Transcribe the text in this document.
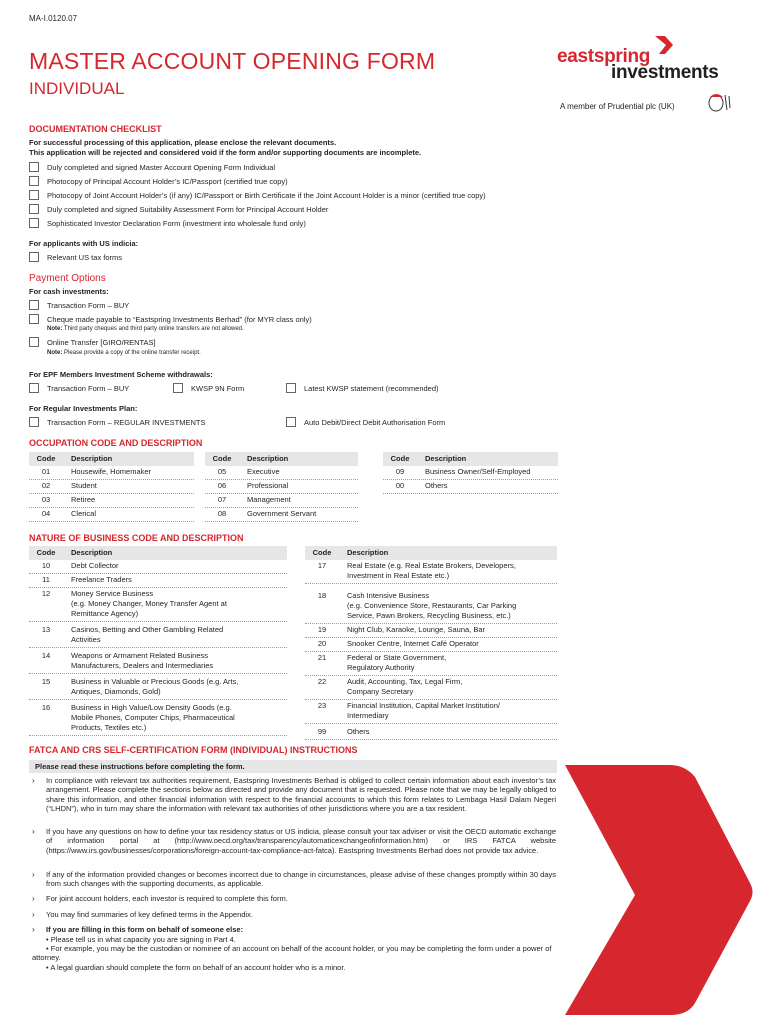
MA-I.0120.07
MASTER ACCOUNT OPENING FORM
INDIVIDUAL
eastspring
investments
A member of Prudential plc (UK)
DOCUMENTATION CHECKLIST
For successful processing of this application, please enclose the relevant documents.
This application will be rejected and considered void if the form and/or supporting documents are incomplete.
Duly completed and signed Master Account Opening Form Individual
Photocopy of Principal Account Holder’s IC/Passport (certified true copy)
Photocopy of Joint Account Holder’s (if any) IC/Passport or Birth Certificate if the Joint Account Holder is a minor (certified true copy)
Duly completed and signed Suitability Assessment Form for Principal Account Holder
Sophisticated Investor Declaration Form (investment into wholesale fund only)
For applicants with US indicia:
Relevant US tax forms
Payment Options
For cash investments:
Transaction Form – BUY
Cheque made payable to “Eastspring Investments Berhad” (for MYR class only)
Note: Third party cheques and third party online transfers are not allowed.
Online Transfer [GIRO/RENTAS]
Note: Please provide a copy of the online transfer receipt.
For EPF Members Investment Scheme withdrawals:
Transaction Form – BUY	KWSP 9N Form	Latest KWSP statement (recommended)
For Regular Investments Plan:
Transaction Form – REGULAR INVESTMENTS	Auto Debit/Direct Debit Authorisation Form
OCCUPATION CODE AND DESCRIPTION
Code	Description
01	Housewife, Homemaker
02	Student
03	Retiree
04	Clerical
Code	Description
05	Executive
06	Professional
07	Management
08	Government Servant
Code	Description
09	Business Owner/Self-Employed
00	Others
NATURE OF BUSINESS CODE AND DESCRIPTION
Code	Description
10	Debt Collector
11	Freelance Traders
12	Money Service Business
(e.g. Money Changer, Money Transfer Agent at
Remittance Agency)
13	Casinos, Betting and Other Gambling Related
Activities
14	Weapons or Armament Related Business
Manufacturers, Dealers and Intermediaries
15	Business in Valuable or Precious Goods (e.g. Arts,
Antiques, Diamonds, Gold)
16	Business in High Value/Low Density Goods (e.g.
Mobile Phones, Computer Chips, Pharmaceutical
Products, Textiles etc.)
Code	Description
17	Real Estate (e.g. Real Estate Brokers, Developers,
Investment in Real Estate etc.)
18	Cash Intensive Business
(e.g. Convenience Store, Restaurants, Car Parking
Service, Pawn Brokers, Recycling Business, etc.)
19	Night Club, Karaoke, Lounge, Sauna, Bar
20	Snooker Centre, Internet Café Operator
21	Federal or State Government,
Regulatory Authority
22	Audit, Accounting, Tax, Legal Firm,
Company Secretary
23	Financial Institution, Capital Market Institution/
Intermediary
99	Others
FATCA AND CRS SELF-CERTIFICATION FORM (INDIVIDUAL) INSTRUCTIONS
Please read these instructions before completing the form.
› In compliance with relevant tax authorities requirement, Eastspring Investments Berhad is obliged to collect certain information about each investor’s tax arrangement. Please complete the sections below as directed and provide any document that is requested. Please note that we may be legally obliged to share this information, and other financial information with respect to the financial accounts to which this form relates to Lembaga Hasil Dalam Negeri (“LHDN”), who in turn may share the information with relevant tax authorities of other jurisdictions where you are a tax resident.
› If you have any questions on how to define your tax residency status or US indicia, please consult your tax adviser or visit the OECD automatic exchange of information portal at (http://www.oecd.org/tax/transparency/automaticexchangeofinformation.htm) or IRS FATCA website (https://www.irs.gov/businesses/corporations/foreign-account-tax-compliance-act-fatca). Eastspring Investments Berhad does not provide tax advice.
› If any of the information provided changes or becomes incorrect due to change in circumstances, please advise of these changes promptly within 30 days from such changes with the supporting documents, as applicable.
› For joint account holders, each investor is required to complete this form.
› You may find summaries of key defined terms in the Appendix.
› If you are filling in this form on behalf of someone else:
• Please tell us in what capacity you are signing in Part 4.
• For example, you may be the custodian or nominee of an account on behalf of the account holder, or you may be completing the form under a power of attorney.
• A legal guardian should complete the form on behalf of an account holder who is a minor.
